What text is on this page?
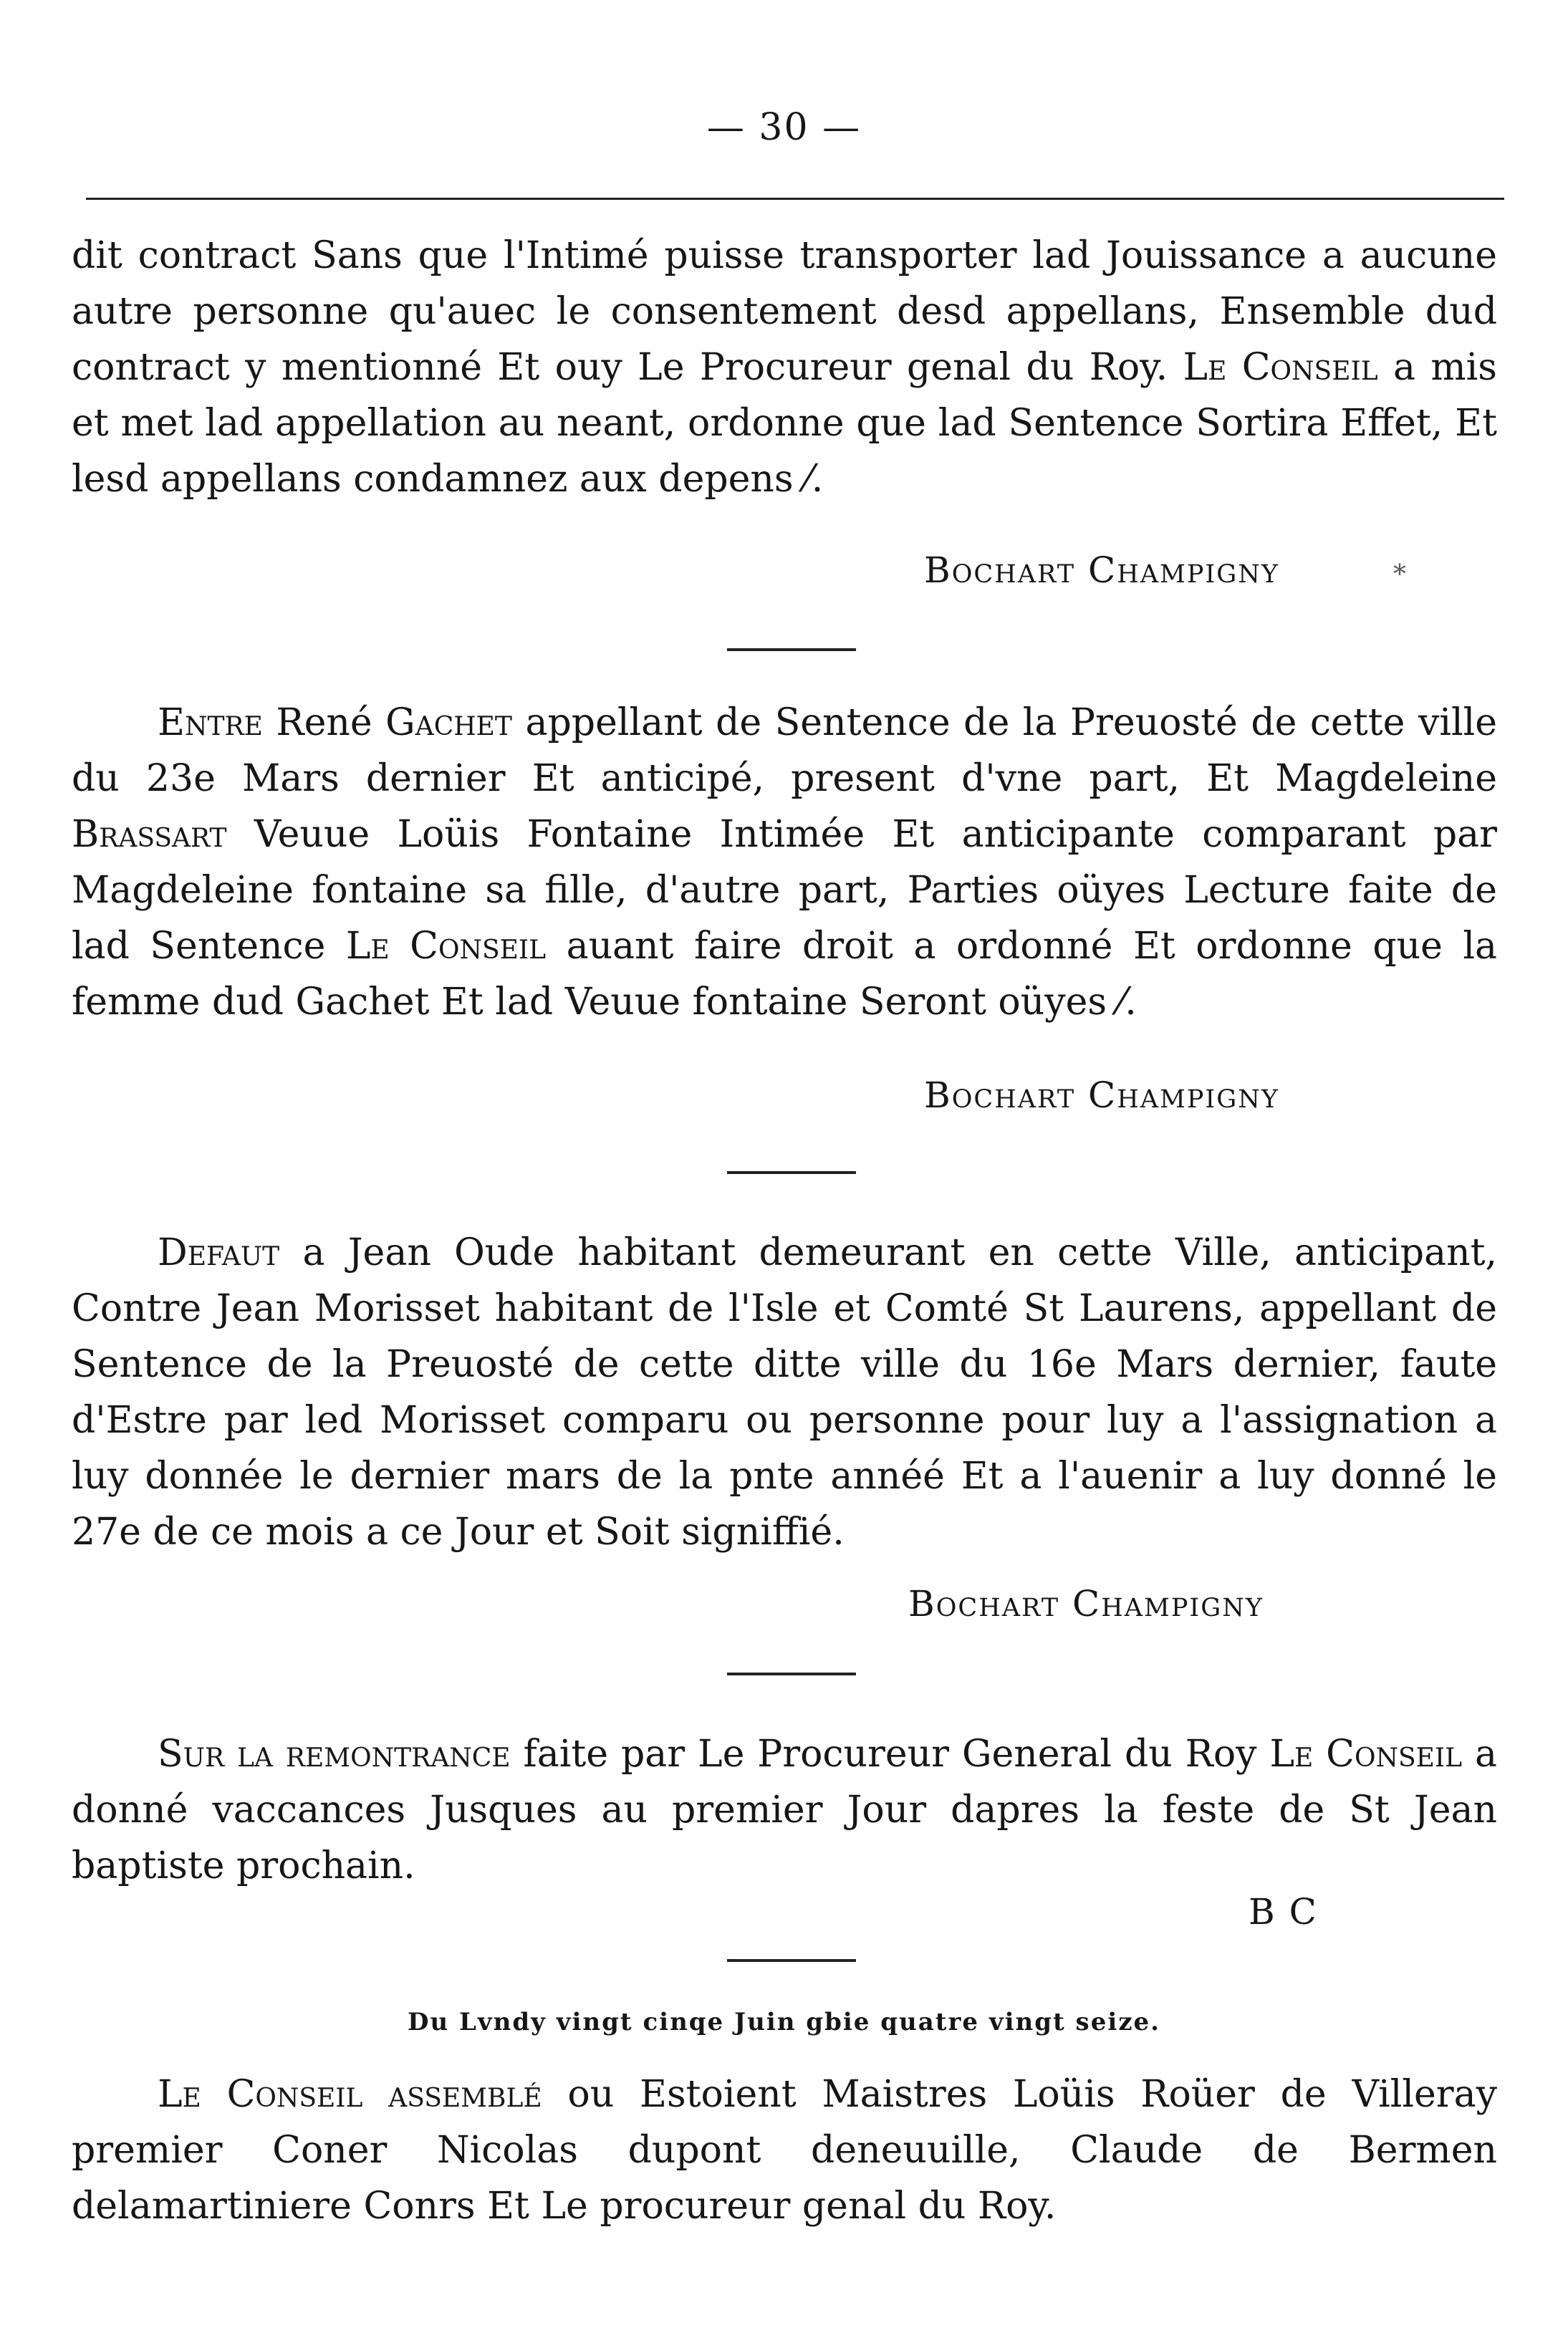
— 30 —

dit contract Sans que l'Intimé puisse transporter lad Jouissance a aucune autre personne qu'auec le consentement desd appellans, Ensemble dud contract y mentionné Et ouy Le Procureur genal du Roy. Le Conseil a mis et met lad appellation au neant, ordonne que lad Sentence Sortira Effet, Et lesd appellans condamnez aux depens ⁄.

Bochart Champigny	⁎

Entre René Gachet appellant de Sentence de la Preuosté de cette ville du 23e Mars dernier Et anticipé, present d'vne part, Et Magdeleine Brassart Veuue Loüis Fontaine Intimée Et anticipante comparant par Magdeleine fontaine sa fille, d'autre part, Parties oüyes Lecture faite de lad Sentence Le Conseil auant faire droit a ordonné Et ordonne que la femme dud Gachet Et lad Veuue fontaine Seront oüyes ⁄.

Bochart Champigny

Defaut a Jean Oude habitant demeurant en cette Ville, anticipant, Contre Jean Morisset habitant de l'Isle et Comté St Laurens, appellant de Sentence de la Preuosté de cette ditte ville du 16e Mars dernier, faute d'Estre par led Morisset comparu ou personne pour luy a l'assignation a luy donnée le dernier mars de la pnte annéé Et a l'auenir a luy donné le 27e de ce mois a ce Jour et Soit signiffié.

Bochart Champigny

Sur la remontrance faite par Le Procureur General du Roy Le Conseil a donné vaccances Jusques au premier Jour dapres la feste de St Jean baptiste prochain.

B C
Du Lvndy vingt cinqe Juin gbie quatre vingt seize.

Le Conseil assemblé ou Estoient Maistres Loüis Roüer de Villeray premier Coner Nicolas dupont deneuuille, Claude de Bermen delamartiniere Conrs Et Le procureur genal du Roy.
